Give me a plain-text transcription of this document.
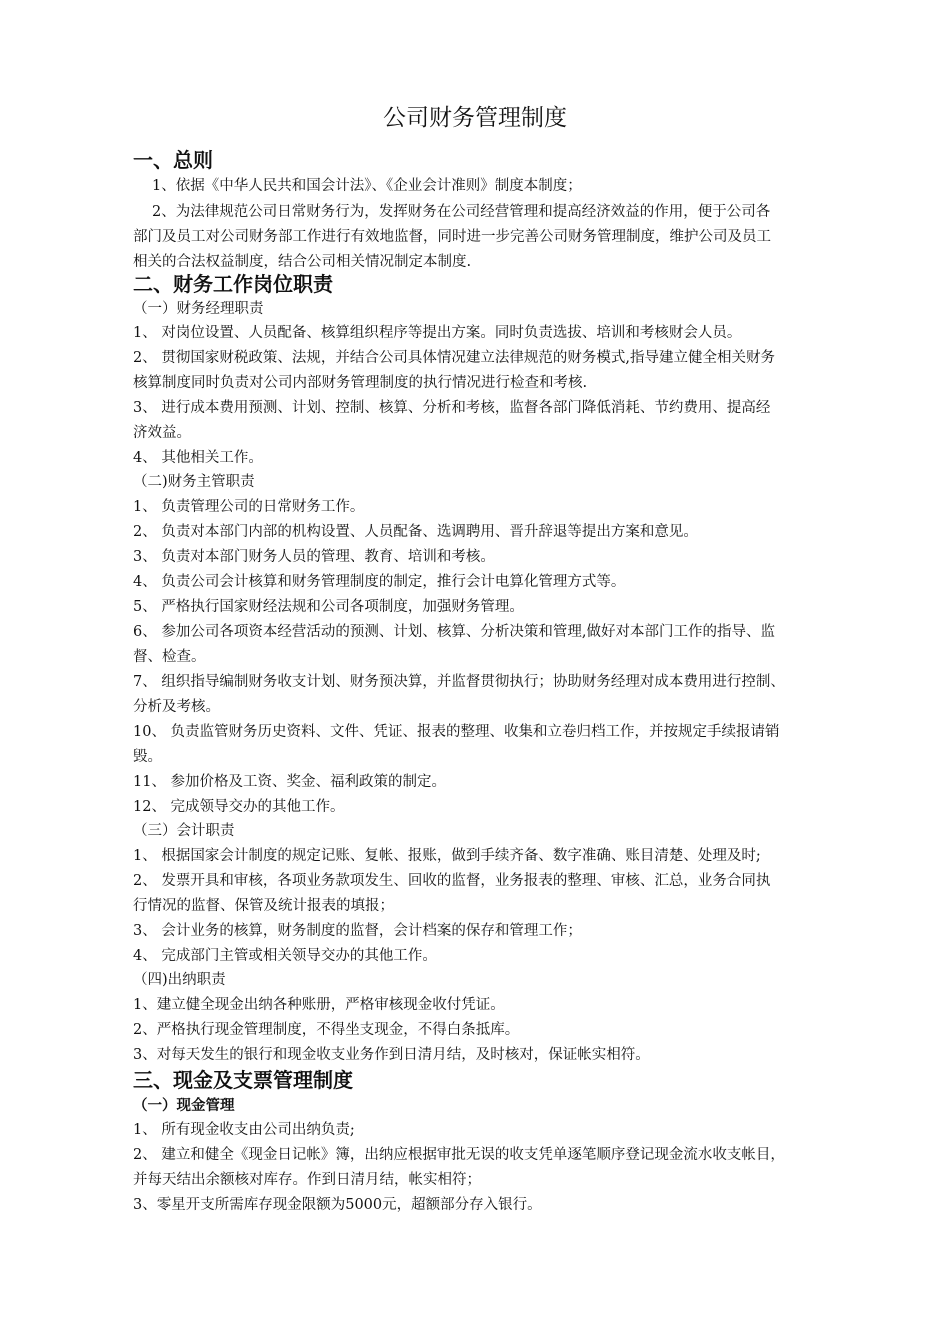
公司财务管理制度
一、总则
1、依据《中华人民共和国会计法》、《企业会计准则》制度本制度；
2、为法律规范公司日常财务行为，发挥财务在公司经营管理和提高经济效益的作用，便于公司各
部门及员工对公司财务部工作进行有效地监督，同时进一步完善公司财务管理制度，维护公司及员工
相关的合法权益制度，结合公司相关情况制定本制度.
二、财务工作岗位职责
（一）财务经理职责
1、 对岗位设置、人员配备、核算组织程序等提出方案。同时负责选拔、培训和考核财会人员。
2、 贯彻国家财税政策、法规，并结合公司具体情况建立法律规范的财务模式,指导建立健全相关财务
核算制度同时负责对公司内部财务管理制度的执行情况进行检查和考核.
3、 进行成本费用预测、计划、控制、核算、分析和考核，监督各部门降低消耗、节约费用、提高经
济效益。
4、 其他相关工作。
（二)财务主管职责
1、 负责管理公司的日常财务工作。
2、 负责对本部门内部的机构设置、人员配备、选调聘用、晋升辞退等提出方案和意见。
3、 负责对本部门财务人员的管理、教育、培训和考核。
4、 负责公司会计核算和财务管理制度的制定，推行会计电算化管理方式等。
5、 严格执行国家财经法规和公司各项制度，加强财务管理。
6、 参加公司各项资本经营活动的预测、计划、核算、分析决策和管理,做好对本部门工作的指导、监
督、检查。
7、 组织指导编制财务收支计划、财务预决算，并监督贯彻执行；协助财务经理对成本费用进行控制、
分析及考核。
10、 负责监管财务历史资料、文件、凭证、报表的整理、收集和立卷归档工作，并按规定手续报请销
毁。
11、 参加价格及工资、奖金、福利政策的制定。
12、 完成领导交办的其他工作。
（三）会计职责
1、 根据国家会计制度的规定记账、复帐、报账，做到手续齐备、数字准确、账目清楚、处理及时;
2、 发票开具和审核，各项业务款项发生、回收的监督，业务报表的整理、审核、汇总，业务合同执
行情况的监督、保管及统计报表的填报；
3、 会计业务的核算，财务制度的监督，会计档案的保存和管理工作；
4、 完成部门主管或相关领导交办的其他工作。
（四)出纳职责
1、建立健全现金出纳各种账册，严格审核现金收付凭证。
2、严格执行现金管理制度，不得坐支现金，不得白条抵库。
3、对每天发生的银行和现金收支业务作到日清月结，及时核对，保证帐实相符。
三、现金及支票管理制度
（一）现金管理
1、 所有现金收支由公司出纳负责;
2、 建立和健全《现金日记帐》簿，出纳应根据审批无误的收支凭单逐笔顺序登记现金流水收支帐目，
并每天结出余额核对库存。作到日清月结，帐实相符；
3、零星开支所需库存现金限额为5000元，超额部分存入银行。
